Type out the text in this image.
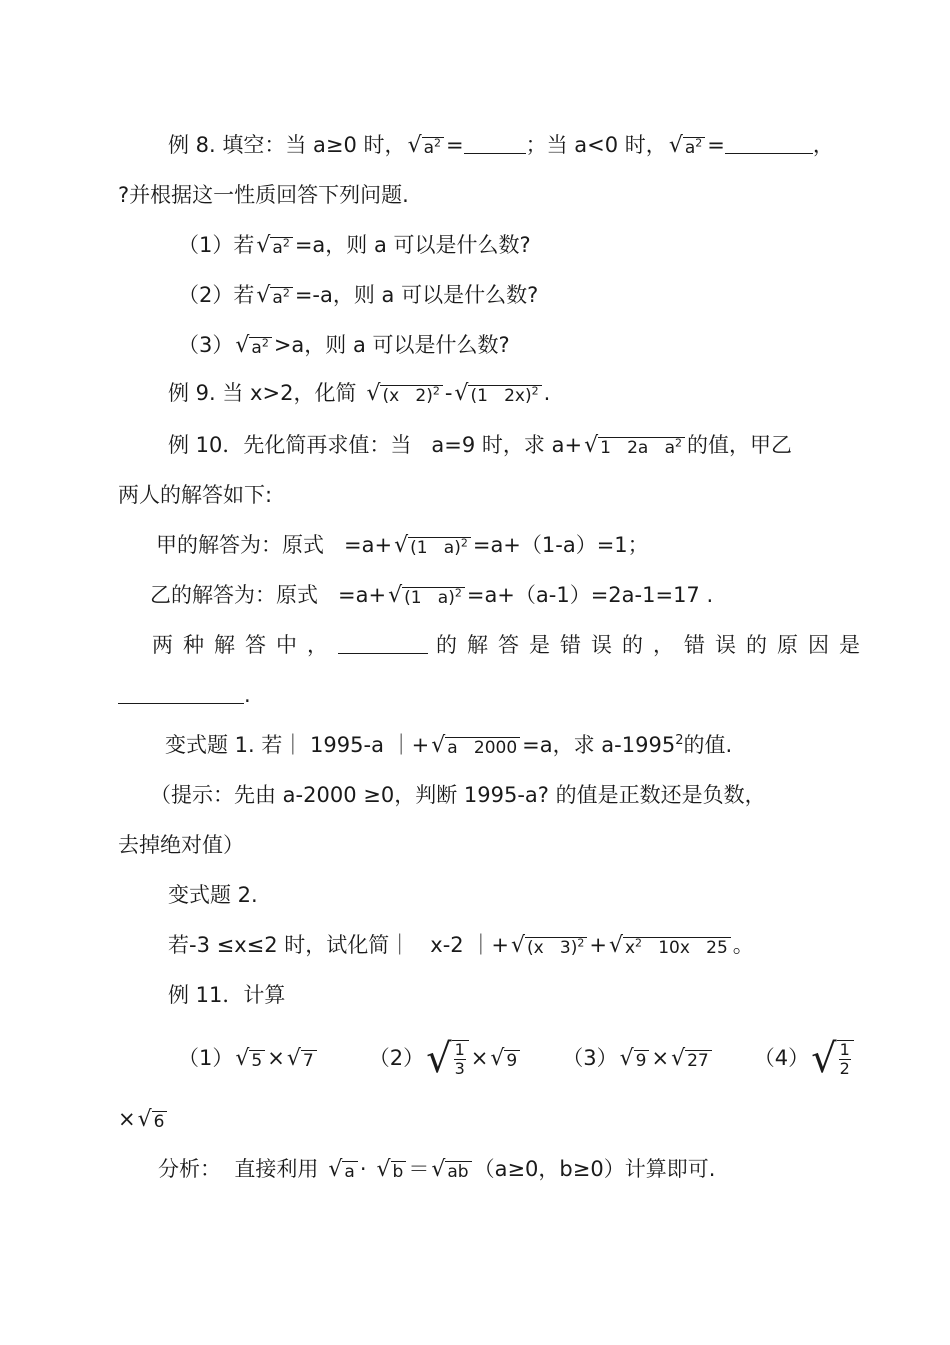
例 8. 填空：当 a≥0 时， √ $a^2$ =	；当 a<0 时， √ $a^2$ =	，
?并根据这一性质回答下列问题.
（1）若 √ $a^2 =a$，则 a 可以是什么数?
（2）若 √ $a^2 =-a$，则 a 可以是什么数?
（3） √ $a^2 >a$，则 a 可以是什么数?
例 9. 当 x>2，化简 √ (x   2)$^2$ - √ (1   2x)$^2$ .
例 10．先化简再求值：当   a=9 时，求 a+ √ 1   2a   $a^2$ 的值，甲乙
两人的解答如下:
甲的解答为：原式   =a+ √ (1   a)$^2$ =a+（1-a）=1；
乙的解答为：原式   =a+ √ (1   a)$^2$ =a+（a-1）=2a-1=17 .
两种解答中，	的解答是错误的，错误的原因是
.
变式题 1. 若｜ 1995-a ｜+ √ a   2000 =a，求 a-1995$^2$的值.
（提示：先由 a-2000 ≥0，判断 1995-a? 的值是正数还是负数，
去掉绝对值）
变式题 2.
若-3 ≤x≤2 时，试化简｜   x-2 ｜+ √ (x   3)$^2$ + √ $x^2$   10x   25 。
例 11．计算
（1） √ 5 × √ 7	（2） √ $\frac{1}{3}$ × √ 9 （3） √ 9 × √ 27 （4） √ $\frac{1}{2}$
× √ 6
分析：  直接利用 √ a · √ b ＝ √ ab （a≥0，b≥0）计算即可.
